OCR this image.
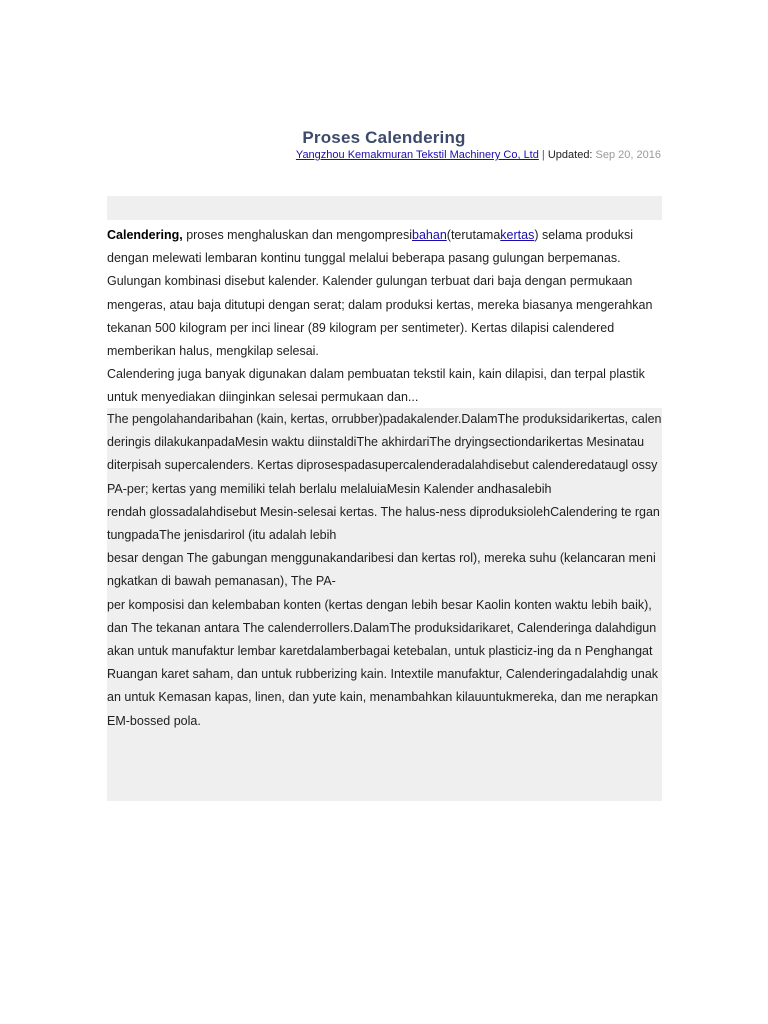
Proses Calendering
Yangzhou Kemakmuran Tekstil Machinery Co, Ltd | Updated: Sep 20, 2016

Calendering, proses menghaluskan dan mengompresibahan(terutamakertas) selama produksi dengan melewati lembaran kontinu tunggal melalui beberapa pasang gulungan berpemanas. Gulungan kombinasi disebut kalender. Kalender gulungan terbuat dari baja dengan permukaan mengeras, atau baja ditutupi dengan serat; dalam produksi kertas, mereka biasanya mengerahkan tekanan 500 kilogram per inci linear (89 kilogram per sentimeter). Kertas dilapisi calendered memberikan halus, mengkilap selesai.

Calendering juga banyak digunakan dalam pembuatan tekstil kain, kain dilapisi, dan terpal plastik untuk menyediakan diinginkan selesai permukaan dan...

The pengolahandaribahan (kain, kertas, orrubber)padakalender.DalamThe produksidarikertas, calenderingis dilakukanpadaMesin waktu diinstaldiThe akhirdariThe dryingsectiondarikertas Mesinatau

diterpisah supercalenders. Kertas diprosespadasupercalenderadalahdisebut calenderedataugl ossy PA-per; kertas yang memiliki telah berlalu melaluiaMesin Kalender andhasalebih

rendah glossadalahdisebut Mesin-selesai kertas. The halus-ness diproduksiolehCalendering te rgantungpadaThe jenisdarirol (itu adalah lebih

besar dengan The gabungan menggunakandaribesi dan kertas rol), mereka suhu (kelancaran meningkatkan di bawah pemanasan), The PA-

per komposisi dan kelembaban konten (kertas dengan lebih besar Kaolin konten waktu lebih baik), dan The tekanan antara The calenderrollers.DalamThe produksidarikaret, Calenderinga dalahdigunakan untuk manufaktur lembar karetdalamberbagai ketebalan, untuk plasticiz-ing da n Penghangat

Ruangan karet saham, dan untuk rubberizing kain. Intextile manufaktur, Calenderingadalahdig unakan untuk Kemasan kapas, linen, dan yute kain, menambahkan kilauuntukmereka, dan me nerapkan EM-bossed pola.
